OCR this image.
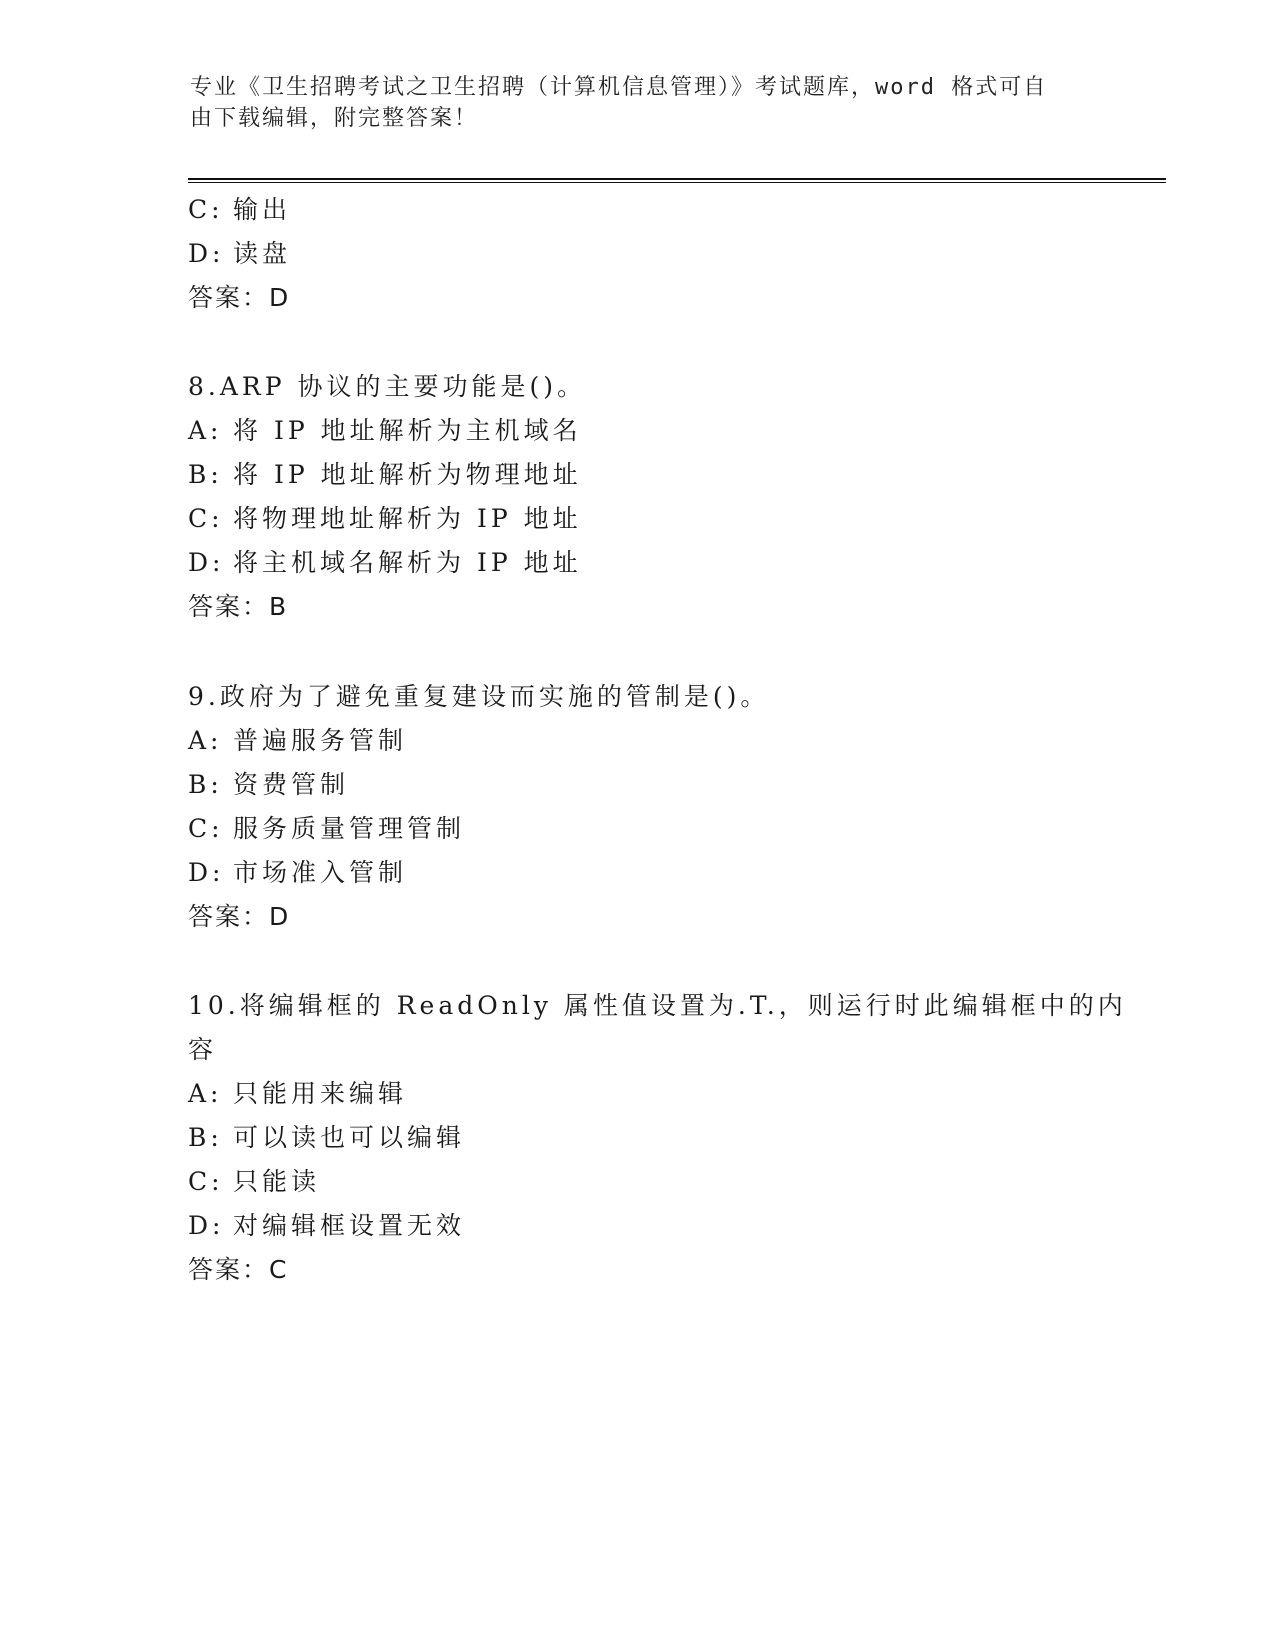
专业《卫生招聘考试之卫生招聘（计算机信息管理）》考试题库，word 格式可自
由下载编辑，附完整答案！
C: 输出
D: 读盘
答案：D
8.ARP 协议的主要功能是()。
A: 将 IP 地址解析为主机域名
B: 将 IP 地址解析为物理地址
C: 将物理地址解析为 IP 地址
D: 将主机域名解析为 IP 地址
答案：B
9.政府为了避免重复建设而实施的管制是()。
A: 普遍服务管制
B: 资费管制
C: 服务质量管理管制
D: 市场准入管制
答案：D
10.将编辑框的 ReadOnly 属性值设置为.T.，则运行时此编辑框中的内
容
A: 只能用来编辑
B: 可以读也可以编辑
C: 只能读
D: 对编辑框设置无效
答案：C
